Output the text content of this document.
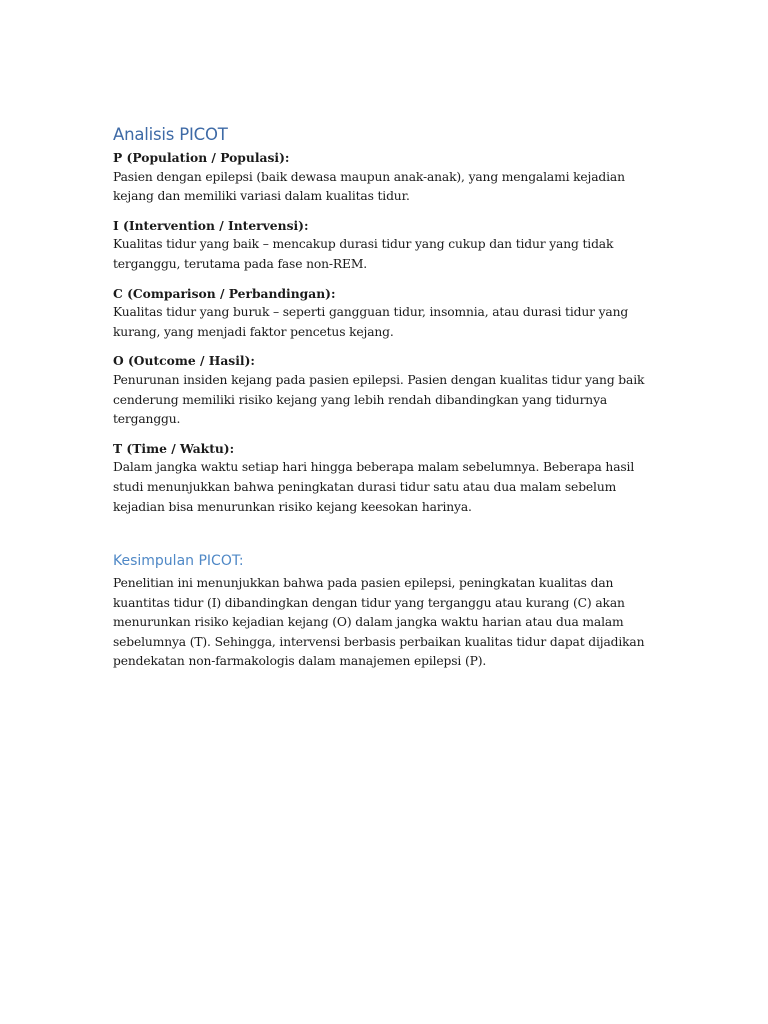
Analisis PICOT

P (Population / Populasi):

Pasien dengan epilepsi (baik dewasa maupun anak-anak), yang mengalami kejadian kejang dan memiliki variasi dalam kualitas tidur.

I (Intervention / Intervensi):

Kualitas tidur yang baik – mencakup durasi tidur yang cukup dan tidur yang tidak terganggu, terutama pada fase non-REM.

C (Comparison / Perbandingan):

Kualitas tidur yang buruk – seperti gangguan tidur, insomnia, atau durasi tidur yang kurang, yang menjadi faktor pencetus kejang.

O (Outcome / Hasil):

Penurunan insiden kejang pada pasien epilepsi. Pasien dengan kualitas tidur yang baik cenderung memiliki risiko kejang yang lebih rendah dibandingkan yang tidurnya terganggu.

T (Time / Waktu):

Dalam jangka waktu setiap hari hingga beberapa malam sebelumnya. Beberapa hasil studi menunjukkan bahwa peningkatan durasi tidur satu atau dua malam sebelum kejadian bisa menurunkan risiko kejang keesokan harinya.

Kesimpulan PICOT:

Penelitian ini menunjukkan bahwa pada pasien epilepsi, peningkatan kualitas dan kuantitas tidur (I) dibandingkan dengan tidur yang terganggu atau kurang (C) akan menurunkan risiko kejadian kejang (O) dalam jangka waktu harian atau dua malam sebelumnya (T). Sehingga, intervensi berbasis perbaikan kualitas tidur dapat dijadikan pendekatan non-farmakologis dalam manajemen epilepsi (P).
